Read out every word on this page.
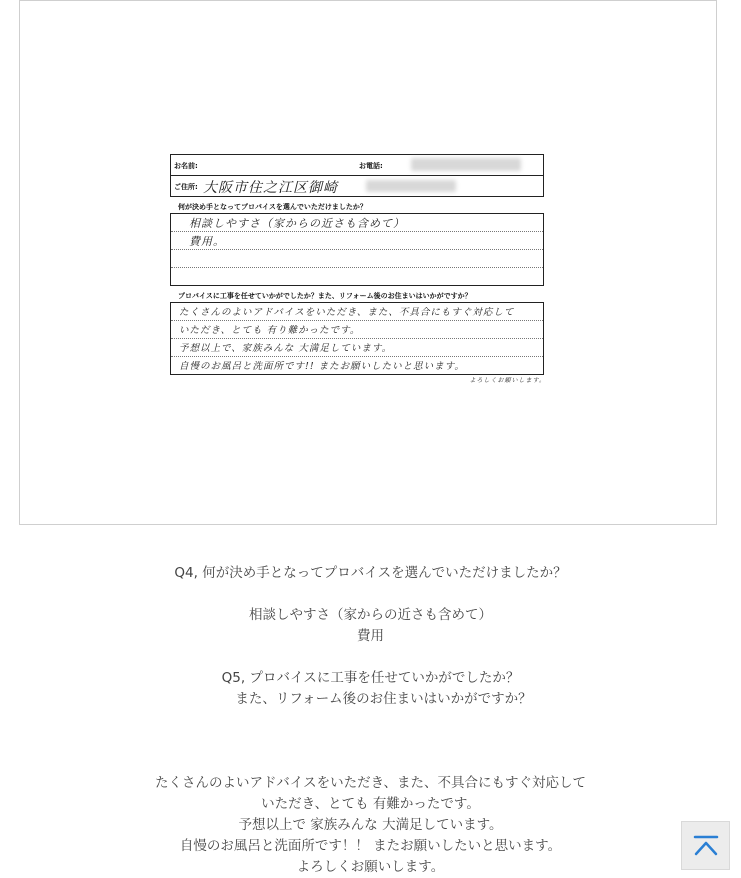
お名前:	お電話:
ご住所: 大阪市住之江区御崎
何が決め手となってプロバイスを選んでいただけましたか？
相談しやすさ（家からの近さも含めて）
費用。
プロバイスに工事を任せていかがでしたか？また、リフォーム後のお住まいはいかがですか？
たくさんのよいアドバイスをいただき、また、不具合にもすぐ対応して
いただき、とても 有り難かったです。
予想以上で、家族みんな 大満足しています。
自慢のお風呂と洗面所です!! またお願いしたいと思います。
よろしくお願いします。
Q4, 何が決め手となってプロバイスを選んでいただけましたか？
相談しやすさ（家からの近さも含めて）
費用
Q5, プロバイスに工事を任せていかがでしたか？
また、リフォーム後のお住まいはいかがですか？
たくさんのよいアドバイスをいただき、また、不具合にもすぐ対応して
いただき、とても 有難かったです。
予想以上で 家族みんな 大満足しています。
自慢のお風呂と洗面所です！！ またお願いしたいと思います。
よろしくお願いします。
